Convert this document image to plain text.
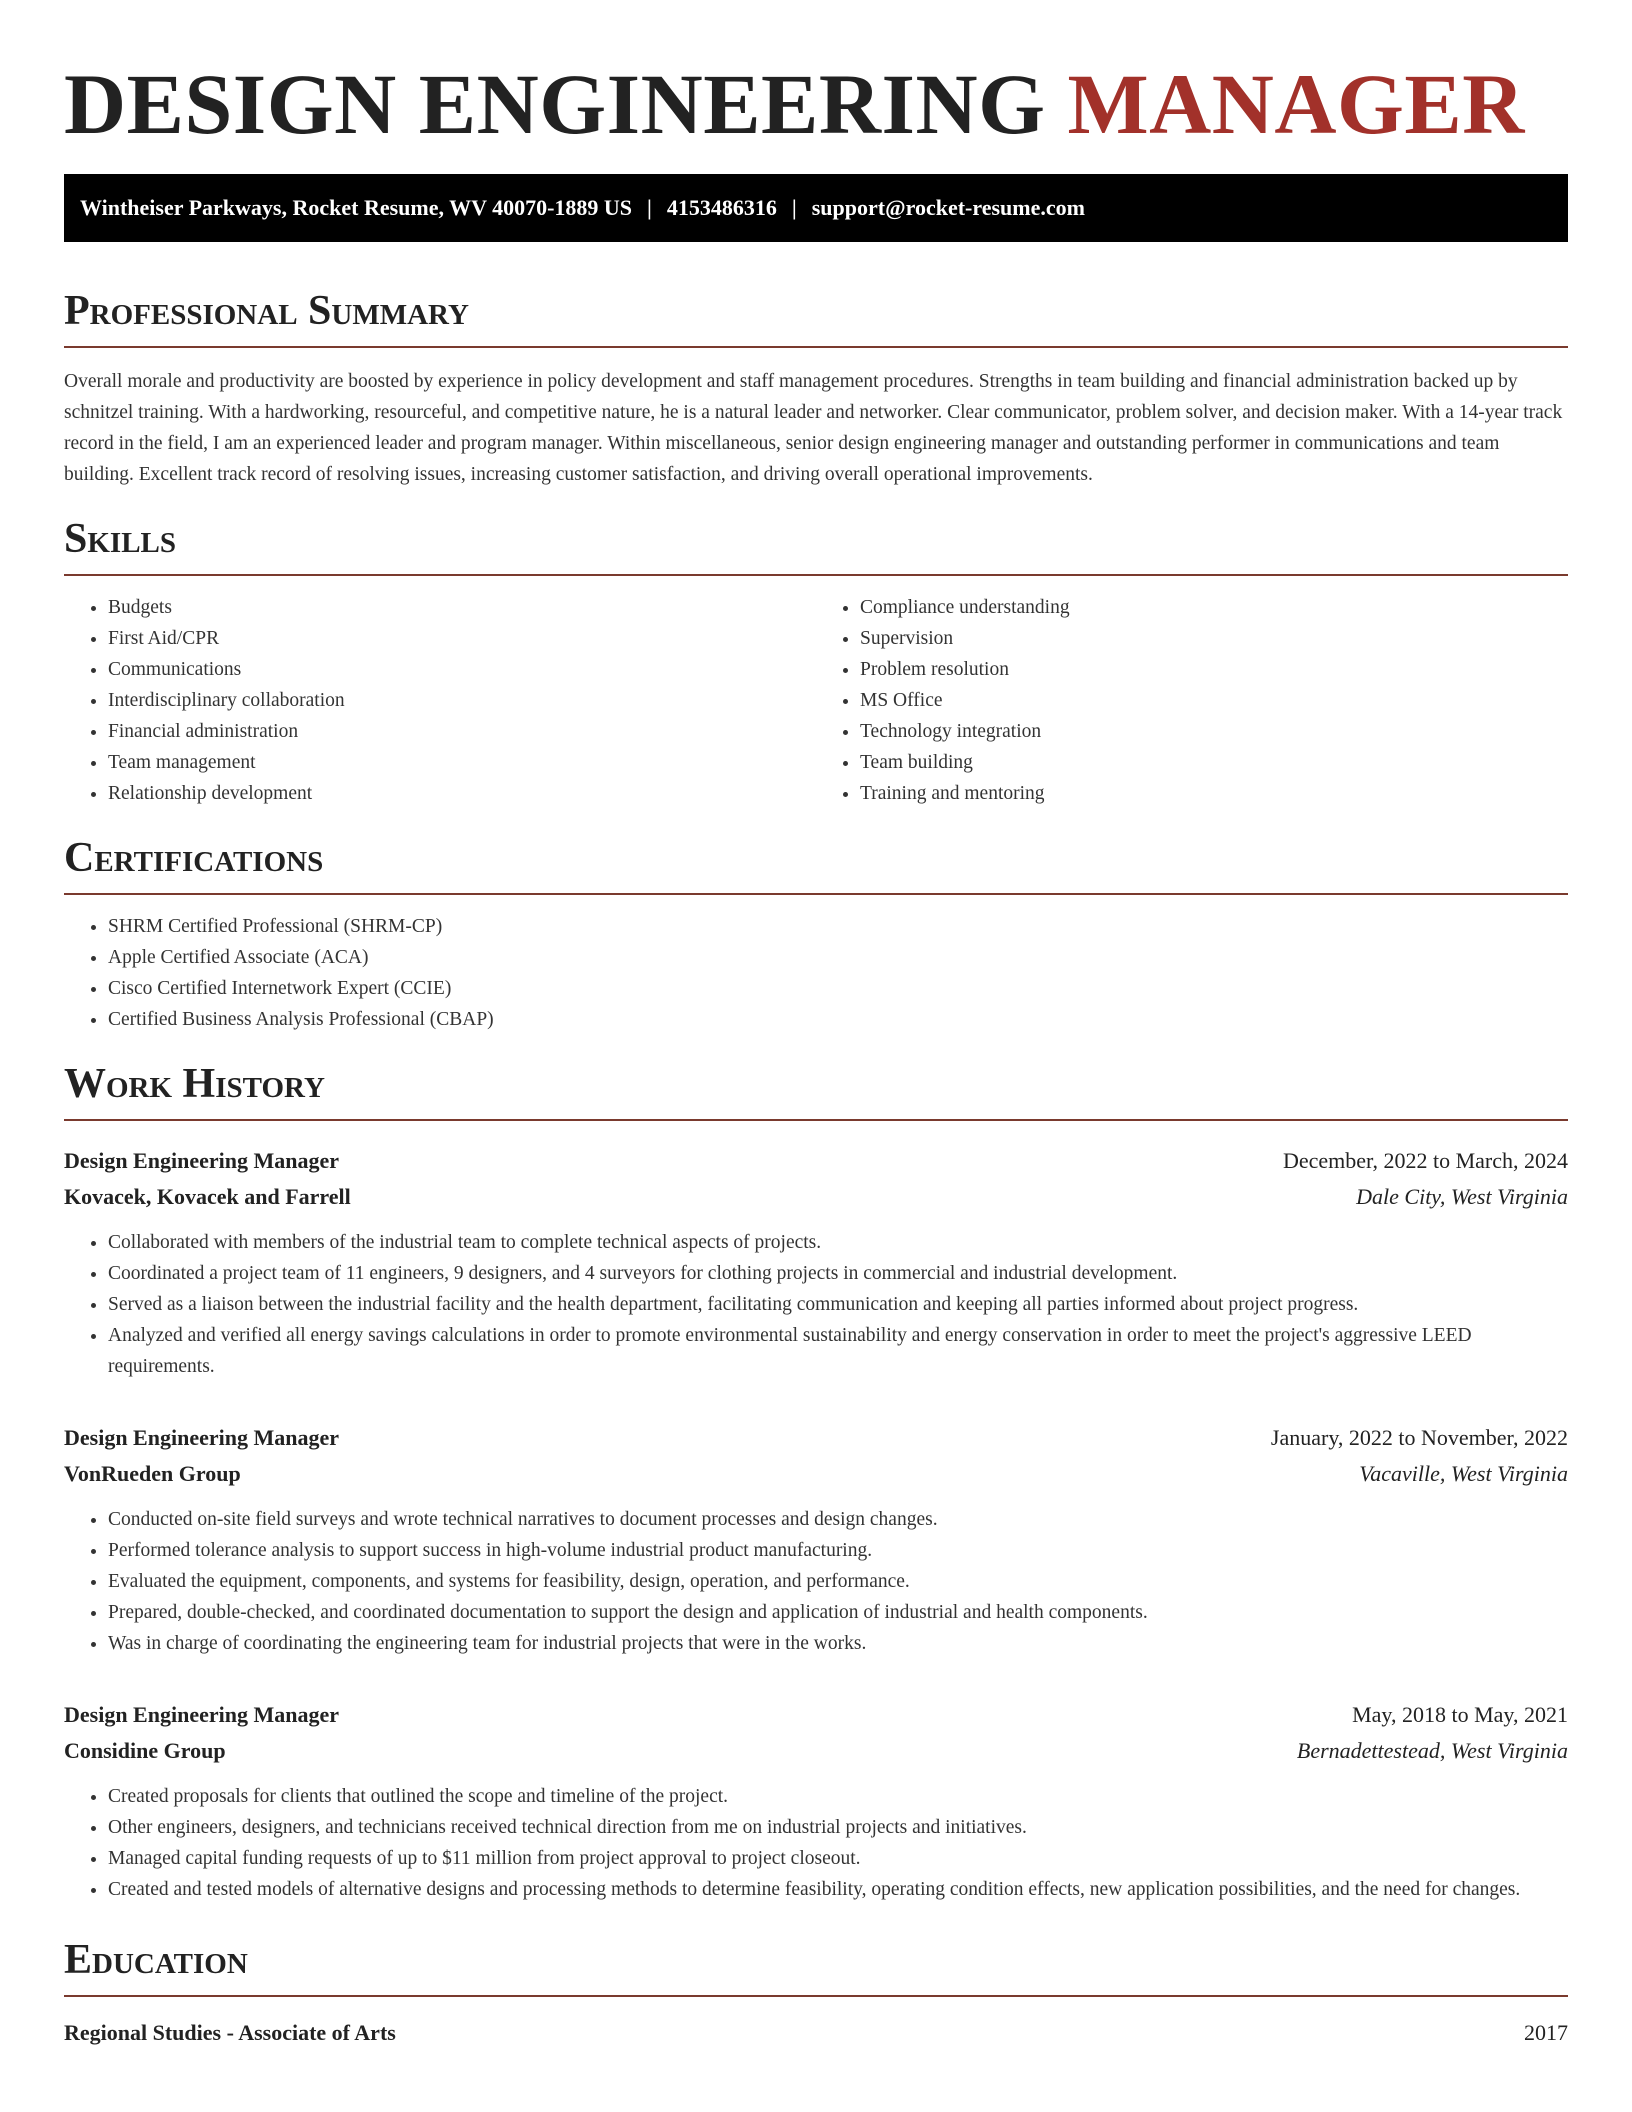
DESIGN ENGINEERING MANAGER
Wintheiser Parkways, Rocket Resume, WV 40070-1889 US | 4153486316 | support@rocket-resume.com
Professional Summary

Overall morale and productivity are boosted by experience in policy development and staff management procedures. Strengths in team building and financial administration backed up by schnitzel training. With a hardworking, resourceful, and competitive nature, he is a natural leader and networker. Clear communicator, problem solver, and decision maker. With a 14-year track record in the field, I am an experienced leader and program manager. Within miscellaneous, senior design engineering manager and outstanding performer in communications and team building. Excellent track record of resolving issues, increasing customer satisfaction, and driving overall operational improvements.

Skills
• Budgets
• First Aid/CPR
• Communications
• Interdisciplinary collaboration
• Financial administration
• Team management
• Relationship development
• Compliance understanding
• Supervision
• Problem resolution
• MS Office
• Technology integration
• Team building
• Training and mentoring
Certifications
• SHRM Certified Professional (SHRM-CP)
• Apple Certified Associate (ACA)
• Cisco Certified Internetwork Expert (CCIE)
• Certified Business Analysis Professional (CBAP)
Work History
Design Engineering Manager	December, 2022 to March, 2024
Kovacek, Kovacek and Farrell	Dale City, West Virginia
• Collaborated with members of the industrial team to complete technical aspects of projects.
• Coordinated a project team of 11 engineers, 9 designers, and 4 surveyors for clothing projects in commercial and industrial development.
• Served as a liaison between the industrial facility and the health department, facilitating communication and keeping all parties informed about project progress.
• Analyzed and verified all energy savings calculations in order to promote environmental sustainability and energy conservation in order to meet the project's aggressive LEED requirements.
Design Engineering Manager	January, 2022 to November, 2022
VonRueden Group	Vacaville, West Virginia
• Conducted on-site field surveys and wrote technical narratives to document processes and design changes.
• Performed tolerance analysis to support success in high-volume industrial product manufacturing.
• Evaluated the equipment, components, and systems for feasibility, design, operation, and performance.
• Prepared, double-checked, and coordinated documentation to support the design and application of industrial and health components.
• Was in charge of coordinating the engineering team for industrial projects that were in the works.
Design Engineering Manager	May, 2018 to May, 2021
Considine Group	Bernadettestead, West Virginia
• Created proposals for clients that outlined the scope and timeline of the project.
• Other engineers, designers, and technicians received technical direction from me on industrial projects and initiatives.
• Managed capital funding requests of up to $11 million from project approval to project closeout.
• Created and tested models of alternative designs and processing methods to determine feasibility, operating condition effects, new application possibilities, and the need for changes.
Education
Regional Studies - Associate of Arts	2017
